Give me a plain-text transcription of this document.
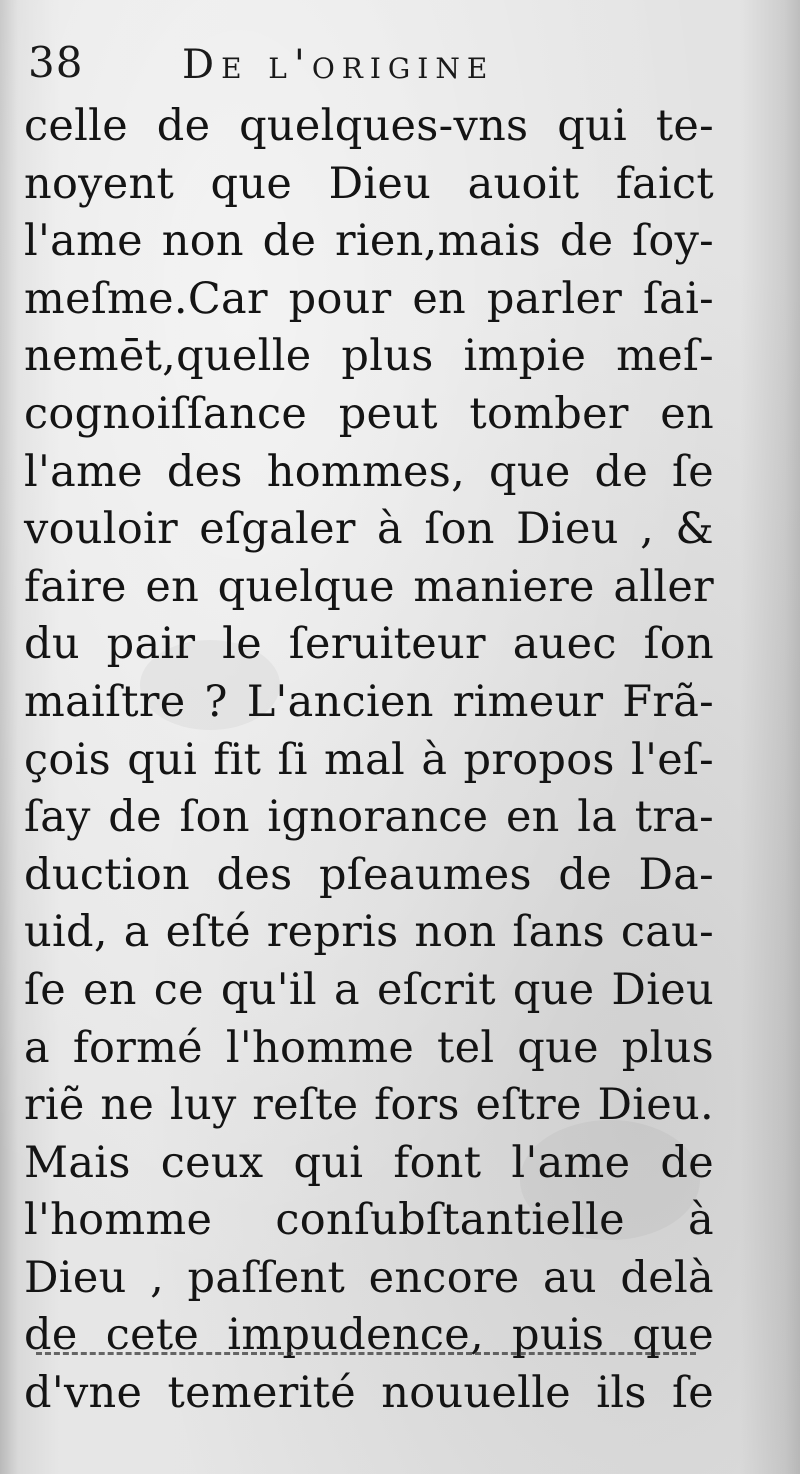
38 De l'origine
celle de quelques-vns qui te-
noyent que Dieu auoit faict
l'ame non de rien,mais de ſoy-
meſme.Car pour en parler ſai-
nemēt,quelle plus impie meſ-
cognoiſſance peut tomber en
l'ame des hommes, que de ſe
vouloir eſgaler à ſon Dieu , &
faire en quelque maniere aller
du pair le ſeruiteur auec ſon
maiſtre ? L'ancien rimeur Frã-
çois qui fit ſi mal à propos l'eſ-
ſay de ſon ignorance en la tra-
duction des pſeaumes de Da-
uid, a eſté repris non ſans cau-
ſe en ce qu'il a eſcrit que Dieu
a formé l'homme tel que plus
riẽ ne luy reſte fors eſtre Dieu.
Mais ceux qui font l'ame de
l'homme conſubſtantielle à
Dieu , paſſent encore au delà
de cete impudence, puis que
d'vne temerité nouuelle ils ſe
